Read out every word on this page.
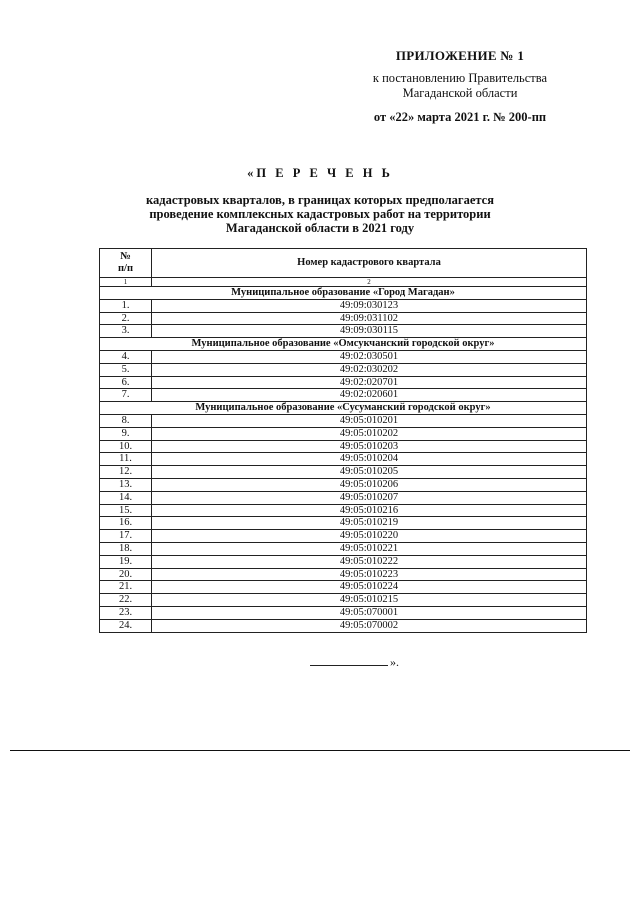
ПРИЛОЖЕНИЕ № 1
к постановлению Правительства
Магаданской области
от «22» марта 2021 г. № 200-пп
«П Е Р Е Ч Е Н Ь
кадастровых кварталов, в границах которых предполагается
проведение комплексных кадастровых работ на территории
Магаданской области в 2021 году
№
п/п	Номер кадастрового квартала
1	2
Муниципальное образование «Город Магадан»	
1.	49:09:030123
2.	49:09:031102
3.	49:09:030115
Муниципальное образование «Омсукчанский городской округ»	
4.	49:02:030501
5.	49:02:030202
6.	49:02:020701
7.	49:02:020601
Муниципальное образование «Сусуманский городской округ»	
8.	49:05:010201
9.	49:05:010202
10.	49:05:010203
11.	49:05:010204
12.	49:05:010205
13.	49:05:010206
14.	49:05:010207
15.	49:05:010216
16.	49:05:010219
17.	49:05:010220
18.	49:05:010221
19.	49:05:010222
20.	49:05:010223
21.	49:05:010224
22.	49:05:010215
23.	49:05:070001
24.	49:05:070002
».
